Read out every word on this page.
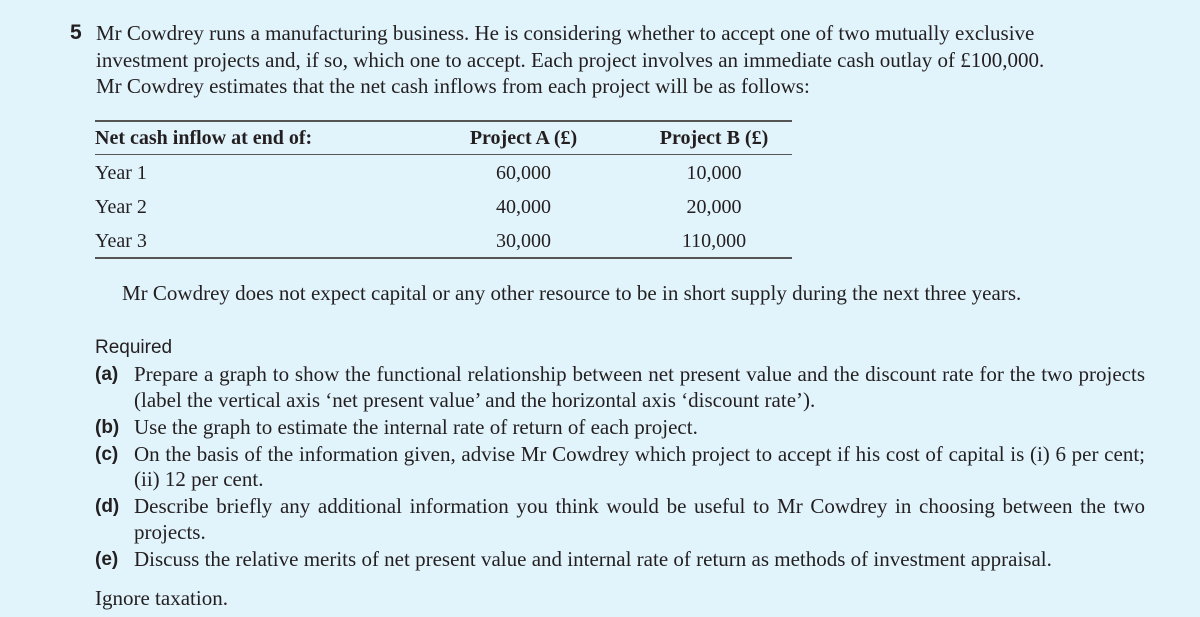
5 Mr Cowdrey runs a manufacturing business. He is considering whether to accept one of two mutually exclusive
investment projects and, if so, which one to accept. Each project involves an immediate cash outlay of £100,000.
Mr Cowdrey estimates that the net cash inflows from each project will be as follows:
Net cash inflow at end of:	Project A (£)	Project B (£)
Year 1	60,000	10,000
Year 2	40,000	20,000
Year 3	30,000	110,000
Mr Cowdrey does not expect capital or any other resource to be in short supply during the next three years.
Required
(a) Prepare a graph to show the functional relationship between net present value and the discount rate for the two projects (label the vertical axis ‘net present value’ and the horizontal axis ‘discount rate’).
(b) Use the graph to estimate the internal rate of return of each project.
(c) On the basis of the information given, advise Mr Cowdrey which project to accept if his cost of capital is (i) 6 per cent; (ii) 12 per cent.
(d) Describe briefly any additional information you think would be useful to Mr Cowdrey in choosing between the two projects.
(e) Discuss the relative merits of net present value and internal rate of return as methods of investment appraisal.
Ignore taxation.
